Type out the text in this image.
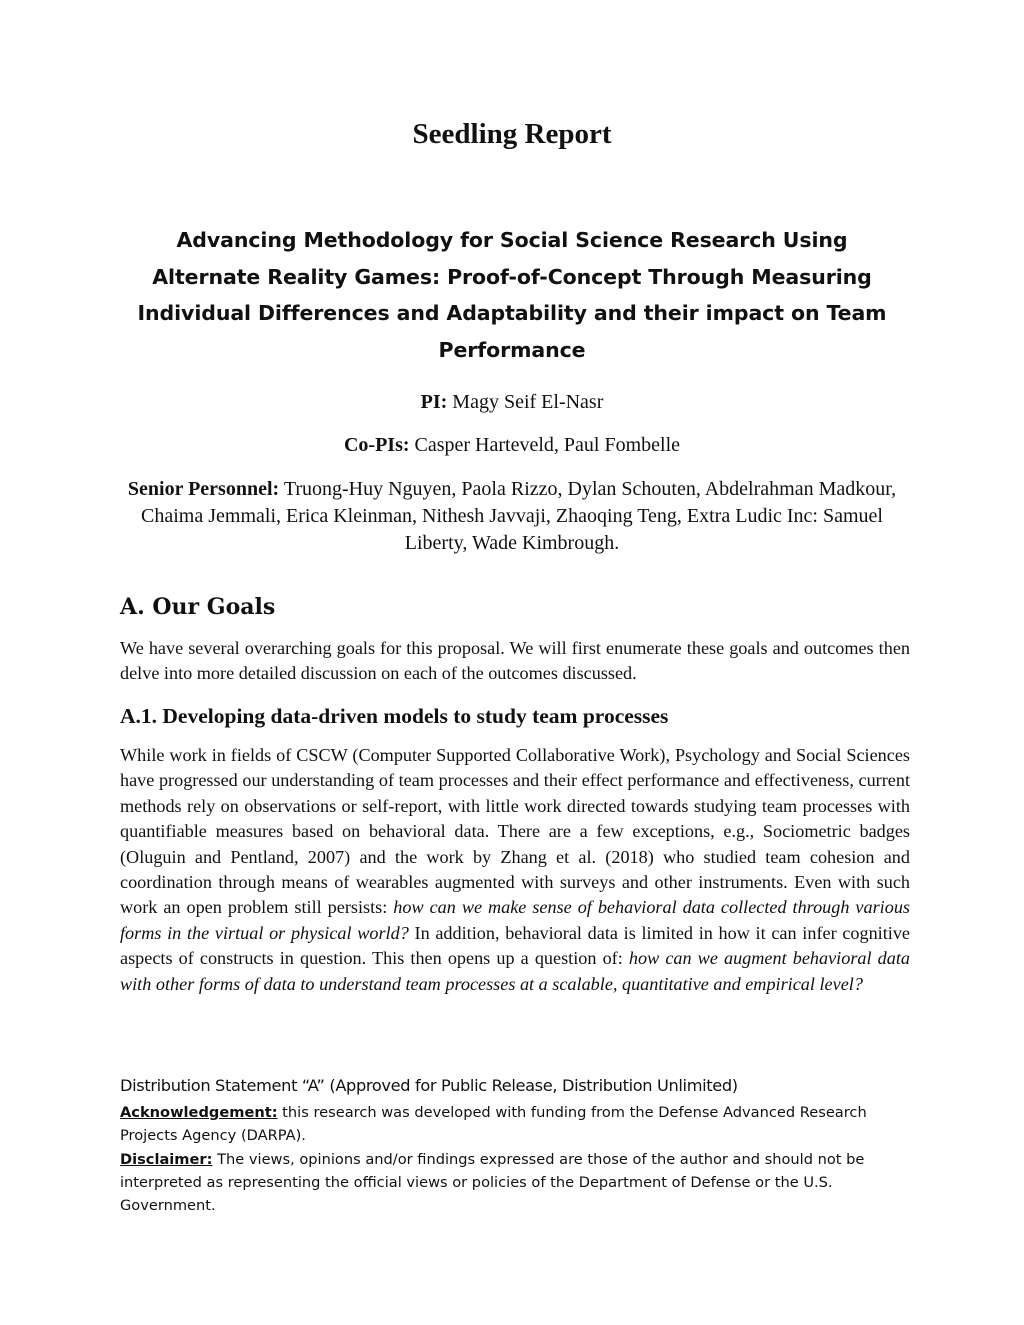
Seedling Report
Advancing Methodology for Social Science Research Using Alternate Reality Games: Proof-of-Concept Through Measuring Individual Differences and Adaptability and their impact on Team Performance

PI: Magy Seif El-Nasr

Co-PIs: Casper Harteveld, Paul Fombelle

Senior Personnel: Truong-Huy Nguyen, Paola Rizzo, Dylan Schouten, Abdelrahman Madkour, Chaima Jemmali, Erica Kleinman, Nithesh Javvaji, Zhaoqing Teng, Extra Ludic Inc: Samuel Liberty, Wade Kimbrough.

A. Our Goals

We have several overarching goals for this proposal. We will first enumerate these goals and outcomes then delve into more detailed discussion on each of the outcomes discussed.

A.1. Developing data-driven models to study team processes

While work in fields of CSCW (Computer Supported Collaborative Work), Psychology and Social Sciences have progressed our understanding of team processes and their effect performance and effectiveness, current methods rely on observations or self-report, with little work directed towards studying team processes with quantifiable measures based on behavioral data. There are a few exceptions, e.g., Sociometric badges (Oluguin and Pentland, 2007) and the work by Zhang et al. (2018) who studied team cohesion and coordination through means of wearables augmented with surveys and other instruments. Even with such work an open problem still persists: how can we make sense of behavioral data collected through various forms in the virtual or physical world? In addition, behavioral data is limited in how it can infer cognitive aspects of constructs in question. This then opens up a question of: how can we augment behavioral data with other forms of data to understand team processes at a scalable, quantitative and empirical level?

Distribution Statement “A” (Approved for Public Release, Distribution Unlimited)

Acknowledgement: this research was developed with funding from the Defense Advanced Research Projects Agency (DARPA).

Disclaimer: The views, opinions and/or findings expressed are those of the author and should not be interpreted as representing the official views or policies of the Department of Defense or the U.S. Government.
